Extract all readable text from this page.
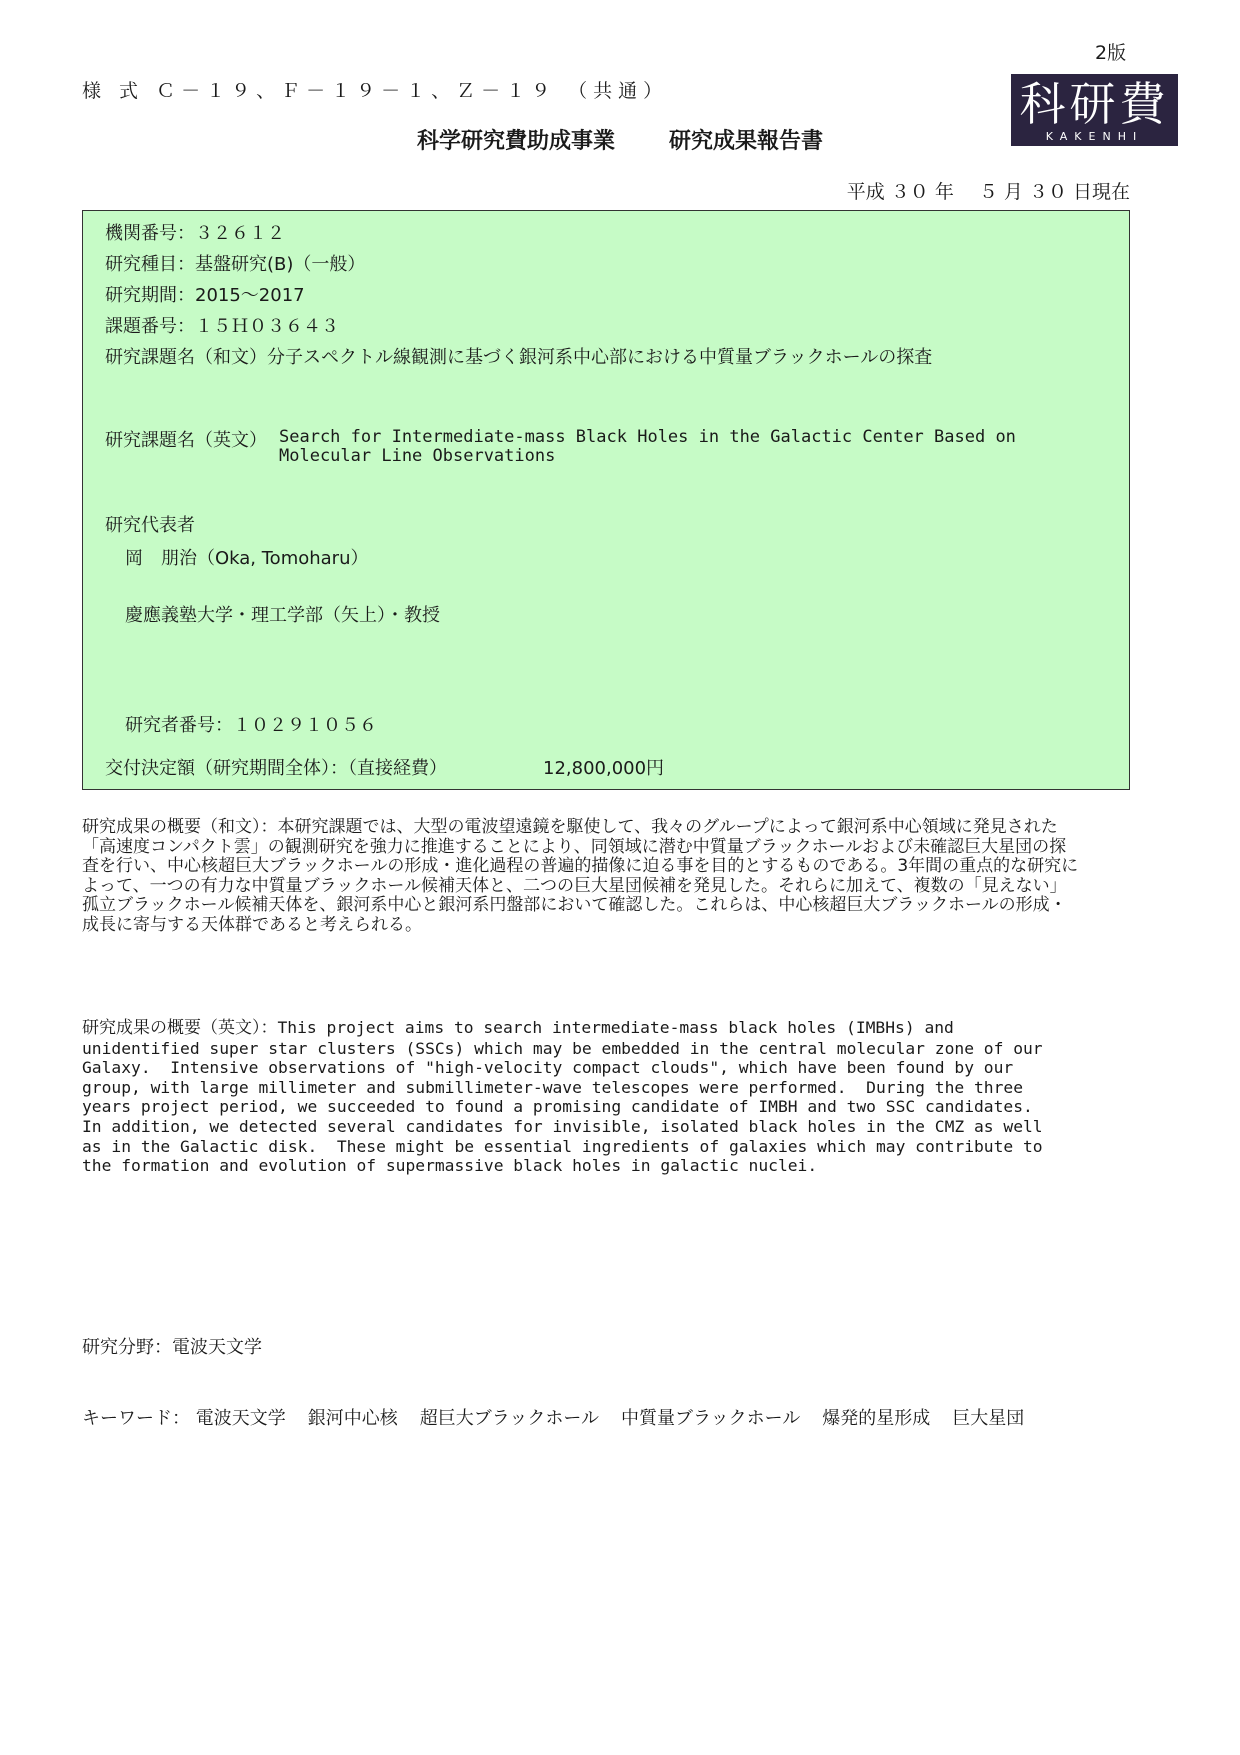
2版
様 式 Ｃ－１９、Ｆ－１９－１、Ｚ－１９ （共通）	科研費
KAKENHI
科学研究費助成事業 研究成果報告書
平成 ３０ 年　 ５ 月 ３０ 日現在
機関番号：３２６１２
研究種目：基盤研究(B)（一般）
研究期間：2015～2017
課題番号：１５Ｈ０３６４３
研究課題名（和文）分子スペクトル線観測に基づく銀河系中心部における中質量ブラックホールの探査
研究課題名（英文） Search for Intermediate-mass Black Holes in the Galactic Center Based on
Molecular Line Observations
研究代表者
岡　朋治（Oka, Tomoharu）
慶應義塾大学・理工学部（矢上）・教授
研究者番号：１０２９１０５６
交付決定額（研究期間全体）：（直接経費）	12,800,000円
研究成果の概要（和文）：本研究課題では、大型の電波望遠鏡を駆使して、我々のグループによって銀河系中心領域に発見された「高速度コンパクト雲」の観測研究を強力に推進することにより、同領域に潜む中質量ブラックホールおよび未確認巨大星団の探査を行い、中心核超巨大ブラックホールの形成・進化過程の普遍的描像に迫る事を目的とするものである。3年間の重点的な研究によって、一つの有力な中質量ブラックホール候補天体と、二つの巨大星団候補を発見した。それらに加えて、複数の「見えない」孤立ブラックホール候補天体を、銀河系中心と銀河系円盤部において確認した。これらは、中心核超巨大ブラックホールの形成・成長に寄与する天体群であると考えられる。
研究成果の概要（英文）：This project aims to search intermediate-mass black holes (IMBHs) and
unidentified super star clusters (SSCs) which may be embedded in the central molecular zone of our
Galaxy.  Intensive observations of "high-velocity compact clouds", which have been found by our
group, with large millimeter and submillimeter-wave telescopes were performed.  During the three
years project period, we succeeded to found a promising candidate of IMBH and two SSC candidates.
In addition, we detected several candidates for invisible, isolated black holes in the CMZ as well
as in the Galactic disk.  These might be essential ingredients of galaxies which may contribute to
the formation and evolution of supermassive black holes in galactic nuclei.
研究分野：電波天文学
キーワード： 電波天文学 銀河中心核 超巨大ブラックホール 中質量ブラックホール 爆発的星形成 巨大星団
